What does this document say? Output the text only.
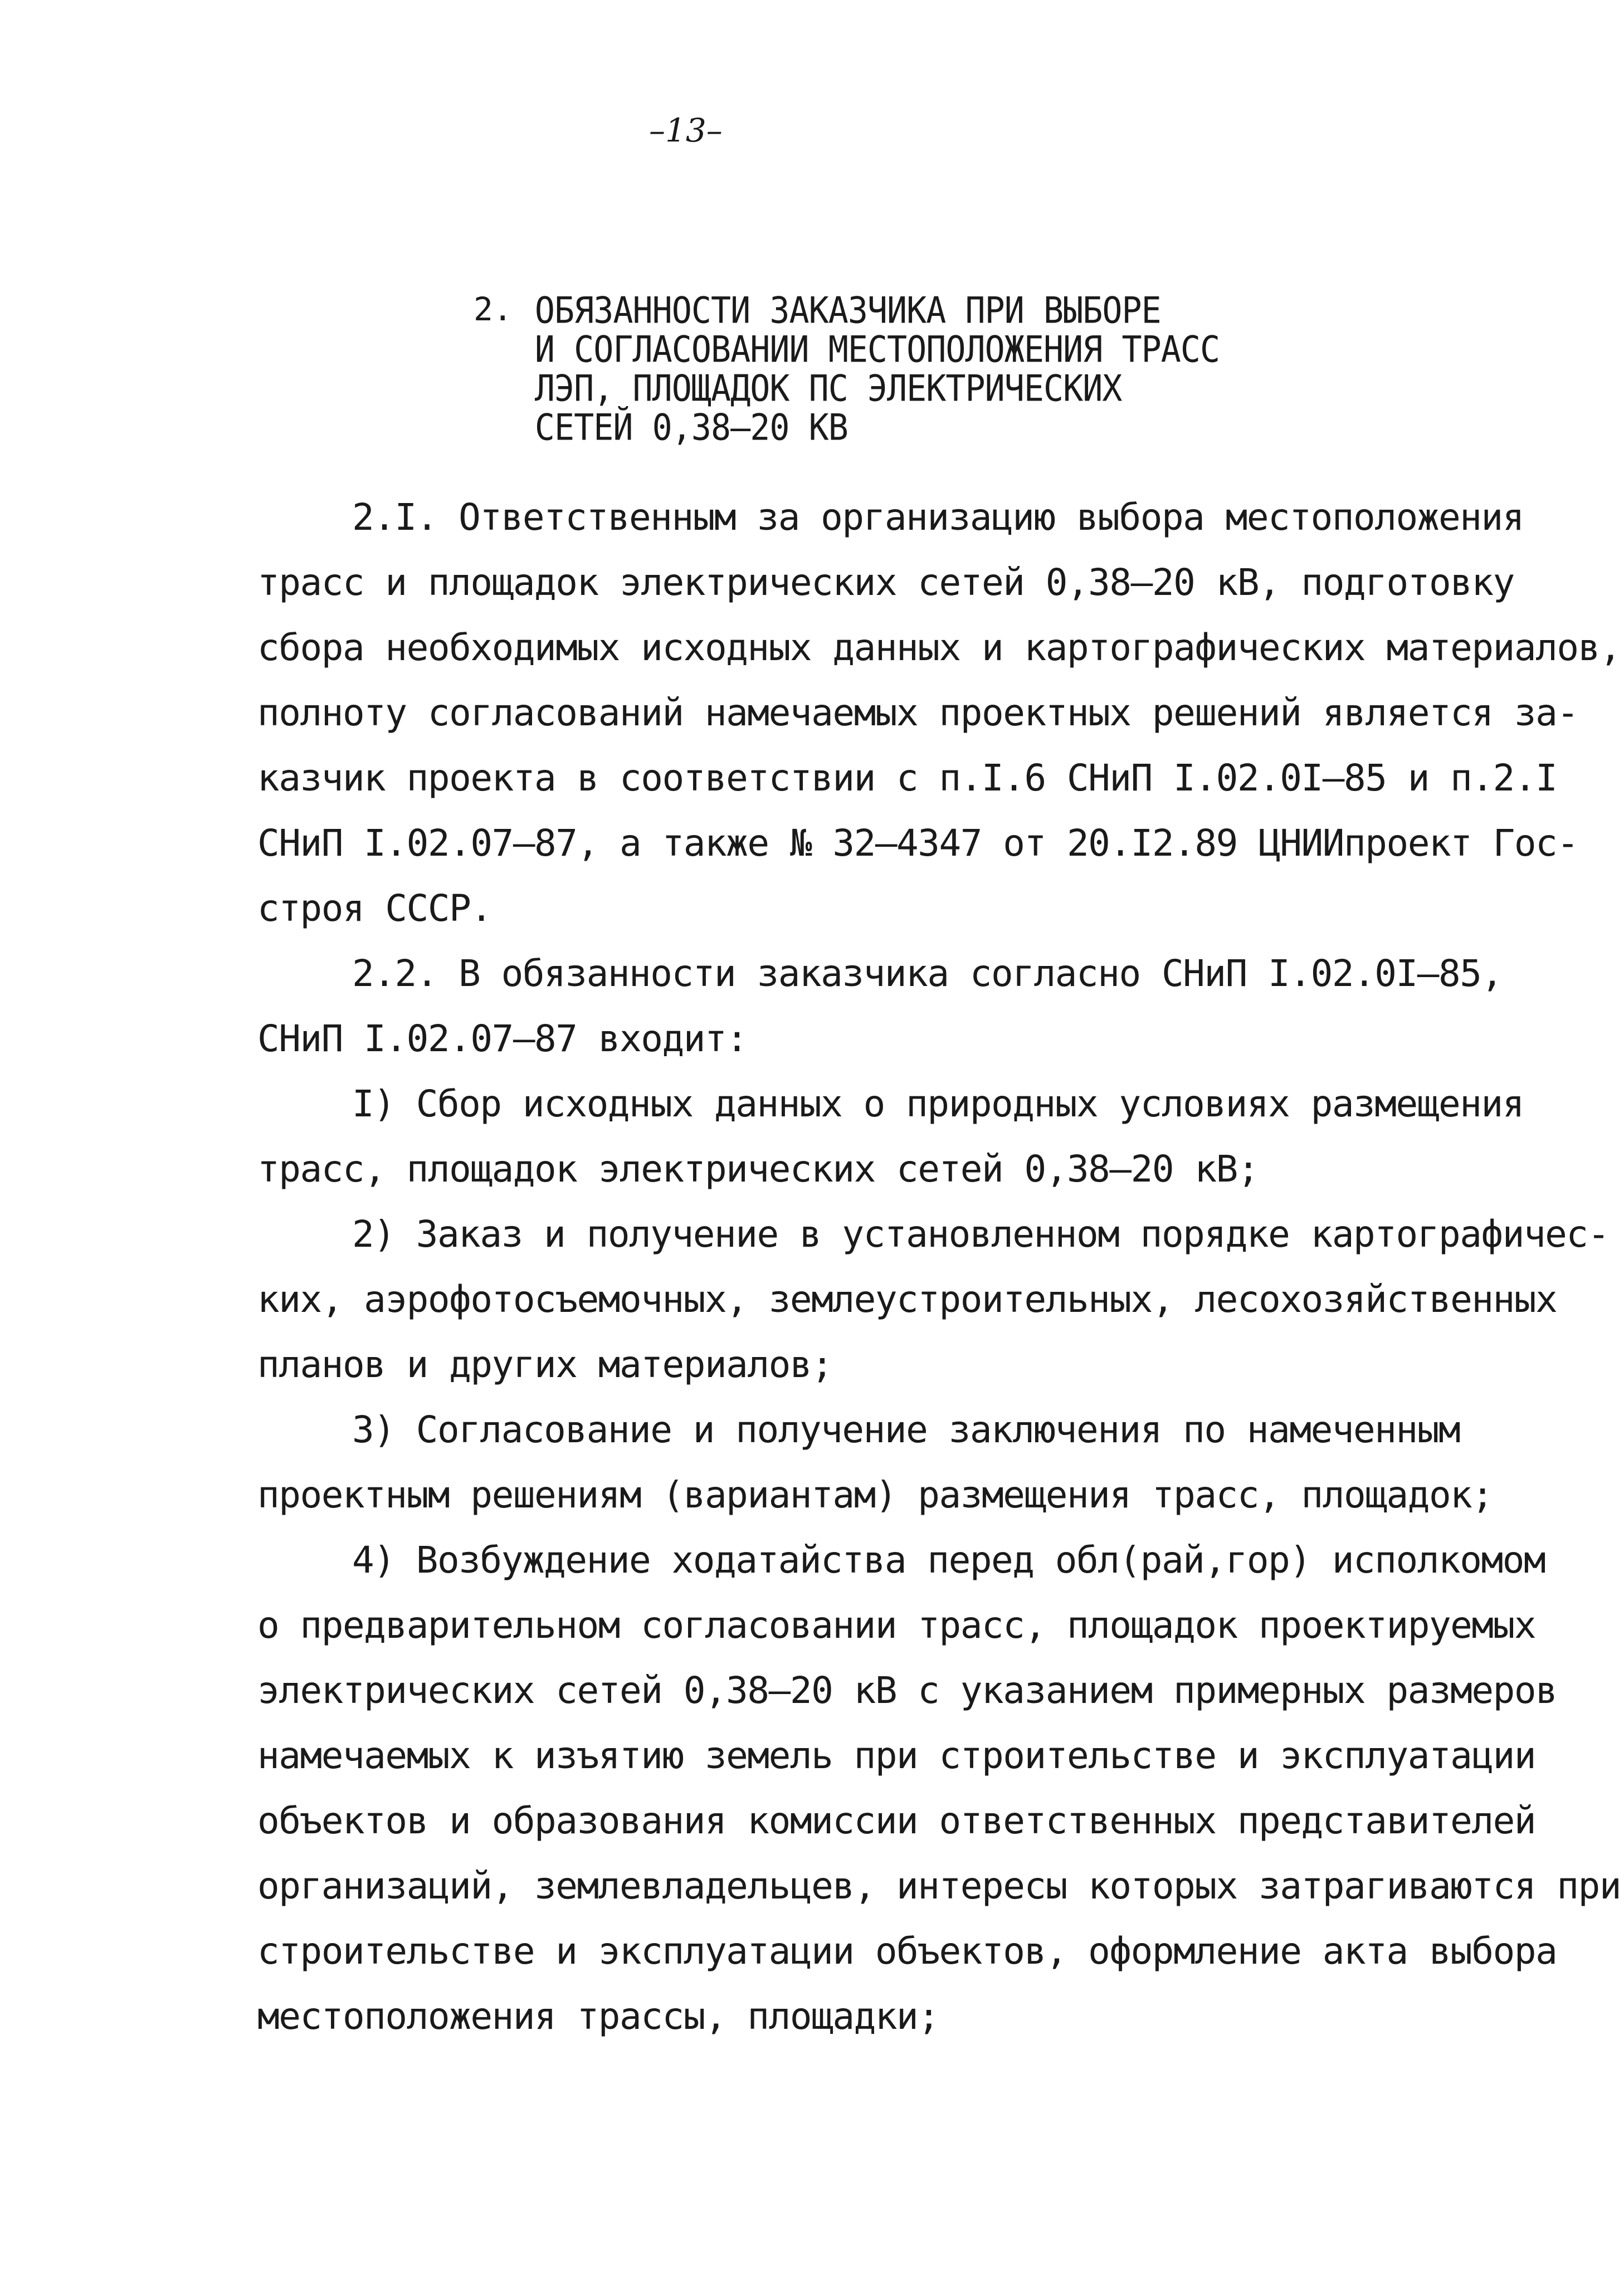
–13–
2. ОБЯЗАННОСТИ ЗАКАЗЧИКА ПРИ ВЫБОРЕ
И СОГЛАСОВАНИИ МЕСТОПОЛОЖЕНИЯ ТРАСС
ЛЭП, ПЛОЩАДОК ПС ЭЛЕКТРИЧЕСКИХ
СЕТЕЙ 0,38–20 КВ
2.I. Ответственным за организацию выбора местоположения
трасс и площадок электрических сетей 0,38–20 кВ, подготовку
сбора необходимых исходных данных и картографических материалов,
полноту согласований намечаемых проектных решений является за-
казчик проекта в соответствии с п.I.6 СНиП I.02.0I–85 и п.2.I
СНиП I.02.07–87, а также № 32–4347 от 20.I2.89 ЦНИИпроект Гос-
строя СССР.
2.2. В обязанности заказчика согласно СНиП I.02.0I–85,
СНиП I.02.07–87 входит:
I) Сбор исходных данных о природных условиях размещения
трасс, площадок электрических сетей 0,38–20 кВ;
2) Заказ и получение в установленном порядке картографичес-
ких, аэрофотосъемочных, землеустроительных, лесохозяйственных
планов и других материалов;
3) Согласование и получение заключения по намеченным
проектным решениям (вариантам) размещения трасс, площадок;
4) Возбуждение ходатайства перед обл(рай,гор) исполкомом
о предварительном согласовании трасс, площадок проектируемых
электрических сетей 0,38–20 кВ с указанием примерных размеров
намечаемых к изъятию земель при строительстве и эксплуатации
объектов и образования комиссии ответственных представителей
организаций, землевладельцев, интересы которых затрагиваются при
строительстве и эксплуатации объектов, оформление акта выбора
местоположения трассы, площадки;
